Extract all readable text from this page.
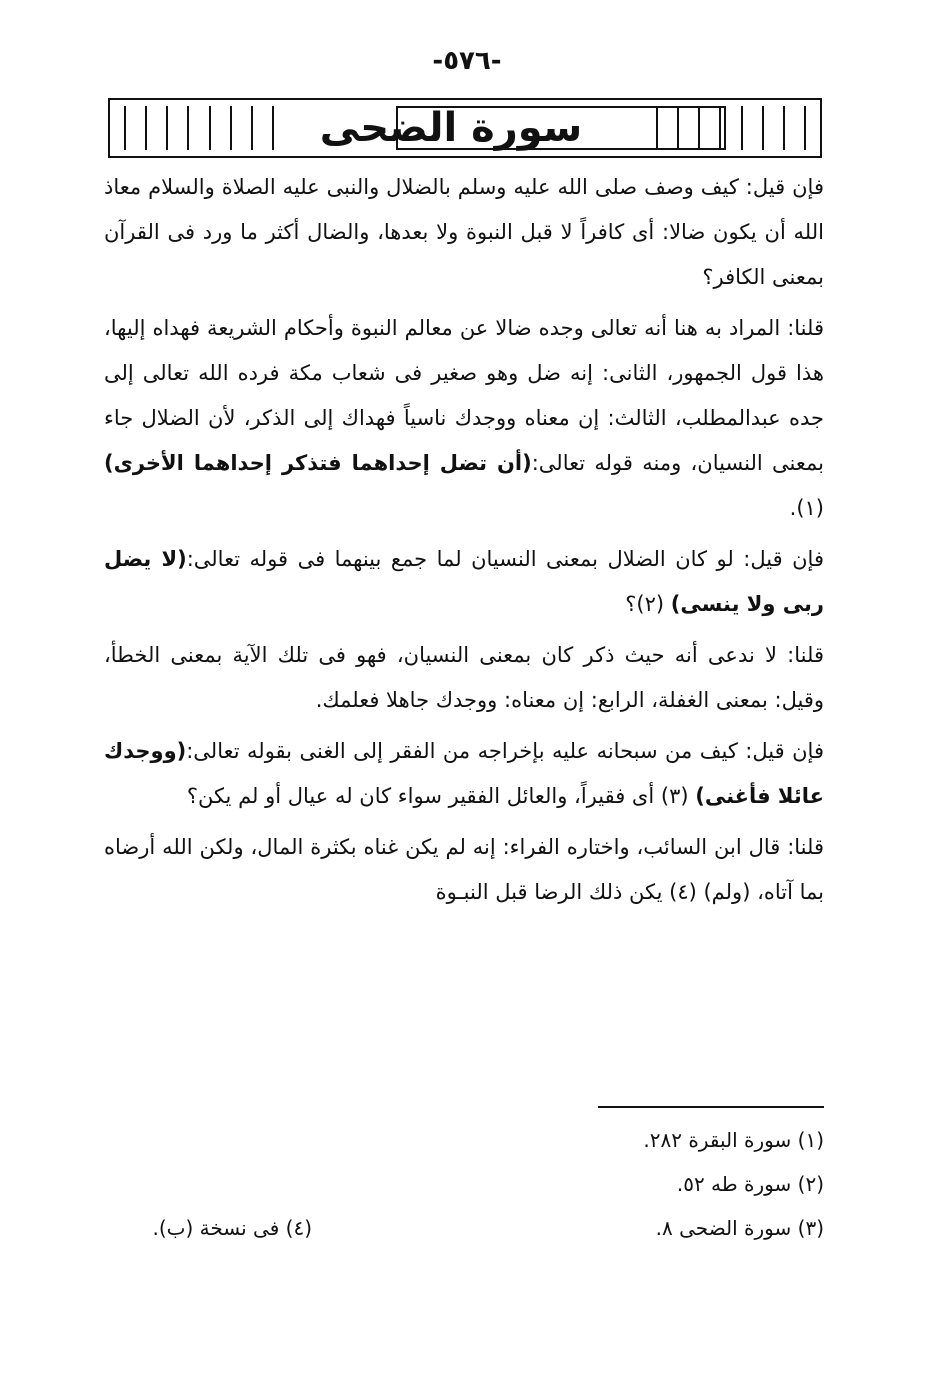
-٥٧٦-
سورة الضحى

فإن قيل: كيف وصف صلى الله عليه وسلم بالضلال والنبى عليه الصلاة والسلام معاذ الله أن يكون ضالا: أى كافراً لا قبل النبوة ولا بعدها، والضال أكثر ما ورد فى القرآن بمعنى الكافر؟

قلنا: المراد به هنا أنه تعالى وجده ضالا عن معالم النبوة وأحكام الشريعة فهداه إليها، هذا قول الجمهور، الثانى: إنه ضل وهو صغير فى شعاب مكة فرده الله تعالى إلى جده عبدالمطلب، الثالث: إن معناه ووجدك ناسياً فهداك إلى الذكر، لأن الضلال جاء بمعنى النسيان، ومنه قوله تعالى:(أن تضل إحداهما فتذكر إحداهما الأخرى) (١).

فإن قيل: لو كان الضلال بمعنى النسيان لما جمع بينهما فى قوله تعالى:(لا يضل ربى ولا ينسى) (٢)؟

قلنا: لا ندعى أنه حيث ذكر كان بمعنى النسيان، فهو فى تلك الآية بمعنى الخطأ، وقيل: بمعنى الغفلة، الرابع: إن معناه: ووجدك جاهلا فعلمك.

فإن قيل: كيف من سبحانه عليه بإخراجه من الفقر إلى الغنى بقوله تعالى:(ووجدك عائلا فأغنى) (٣) أى فقيراً، والعائل الفقير سواء كان له عيال أو لم يكن؟

قلنا: قال ابن السائب، واختاره الفراء: إنه لم يكن غناه بكثرة المال، ولكن الله أرضاه بما آتاه، (ولم) (٤) يكن ذلك الرضا قبل النبـوة

(١) سورة البقرة ٢٨٢.
(٢) سورة طه ٥٢.
(٣) سورة الضحى ٨.
(٤) فى نسخة (ب).
